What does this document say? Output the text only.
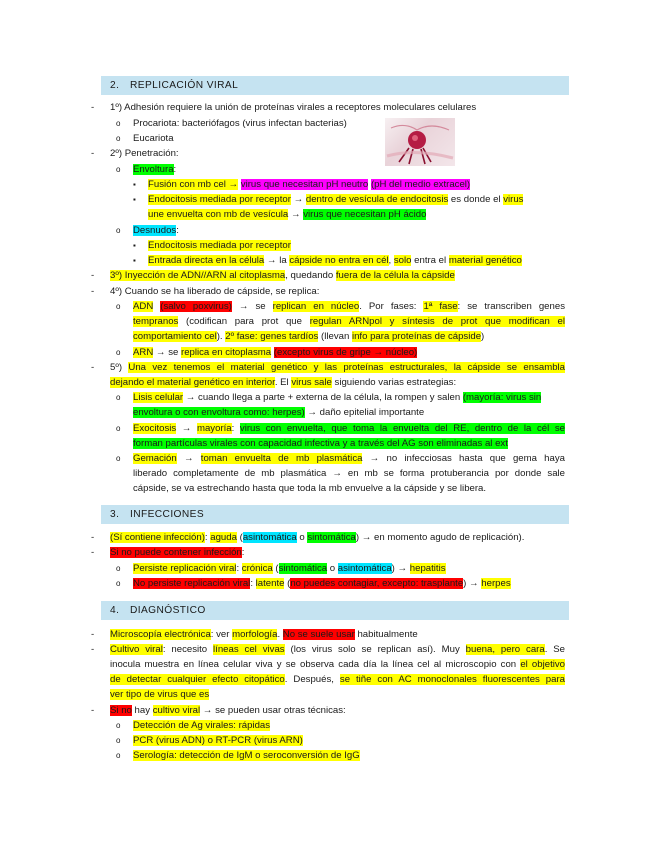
2. REPLICACIÓN VIRAL
- 1º) Adhesión requiere la unión de proteínas virales a receptores moleculares celulares
o Procariota: bacteriófagos (virus infectan bacterias)
o Eucariota
- 2º) Penetración:
o Envoltura:
▪ Fusión con mb cel → virus que necesitan pH neutro (pH del medio extracel)
▪ Endocitosis mediada por receptor → dentro de vesícula de endocitosis es donde el virus
une envuelta con mb de vesícula → virus que necesitan pH ácido
o Desnudos:
▪ Endocitosis mediada por receptor
▪ Entrada directa en la célula → la cápside no entra en cél, solo entra el material genético
- 3º) Inyección de ADN//ARN al citoplasma, quedando fuera de la célula la cápside
- 4º) Cuando se ha liberado de cápside, se replica:
o ADN (salvo poxvirus) → se replican en núcleo. Por fases: 1ª fase: se transcriben genes
tempranos (codifican para prot que regulan ARNpol y síntesis de prot que modifican el
comportamiento cel). 2º fase: genes tardíos (llevan info para proteínas de cápside)
o ARN → se replica en citoplasma (excepto virus de gripe → núcleo)
- 5º) Una vez tenemos el material genético y las proteínas estructurales, la cápside se ensambla
dejando el material genético en interior. El virus sale siguiendo varias estrategias:
o Lisis celular → cuando llega a parte + externa de la célula, la rompen y salen (mayoría: virus sin
envoltura o con envoltura como: herpes) → daño epitelial importante
o Exocitosis → mayoría: virus con envuelta, que toma la envuelta del RE, dentro de la cél se
forman partículas virales con capacidad infectiva y a través del AG son eliminadas al ext
o Gemación → toman envuelta de mb plasmática → no infecciosas hasta que gema haya
liberado completamente de mb plasmática → en mb se forma protuberancia por donde sale
cápside, se va estrechando hasta que toda la mb envuelve a la cápside y se libera.
3. INFECCIONES
- (Sí contiene infección): aguda (asintomática o sintomática) → en momento agudo de replicación).
- Si no puede contener infección:
o Persiste replicación viral: crónica (sintomática o asintomática) → hepatitis
o No persiste replicación viral: latente (no puedes contagiar, excepto: trasplante) → herpes
4. DIAGNÓSTICO
- Microscopía electrónica: ver morfología. No se suele usar habitualmente
- Cultivo viral: necesito líneas cel vivas (los virus solo se replican así). Muy buena, pero cara. Se
inocula muestra en línea celular viva y se observa cada día la línea cel al microscopio con el objetivo
de detectar cualquier efecto citopático. Después, se tiñe con AC monoclonales fluorescentes para
ver tipo de virus que es
- Si no hay cultivo viral → se pueden usar otras técnicas:
o Detección de Ag virales: rápidas
o PCR (virus ADN) o RT-PCR (virus ARN)
o Serología: detección de IgM o seroconversión de IgG
